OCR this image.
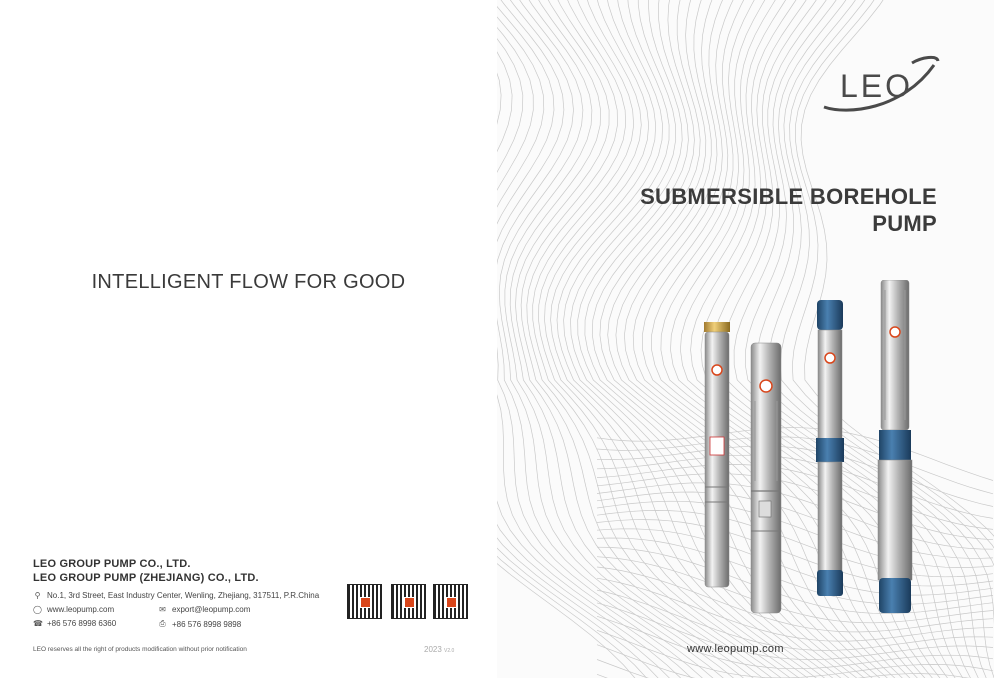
INTELLIGENT FLOW FOR GOOD
LEO GROUP PUMP CO., LTD.
LEO GROUP PUMP (ZHEJIANG) CO., LTD.
⚲ No.1, 3rd Street, East Industry Center, Wenling, Zhejiang, 317511, P.R.China
◯ www.leopump.com	✉ export@leopump.com
☎ +86 576 8998 6360	⎙ +86 576 8998 9898
LEO reserves all the right of products modification without prior notification	2023 V2.0
LEO
SUBMERSIBLE BOREHOLE
PUMP
www.leopump.com
